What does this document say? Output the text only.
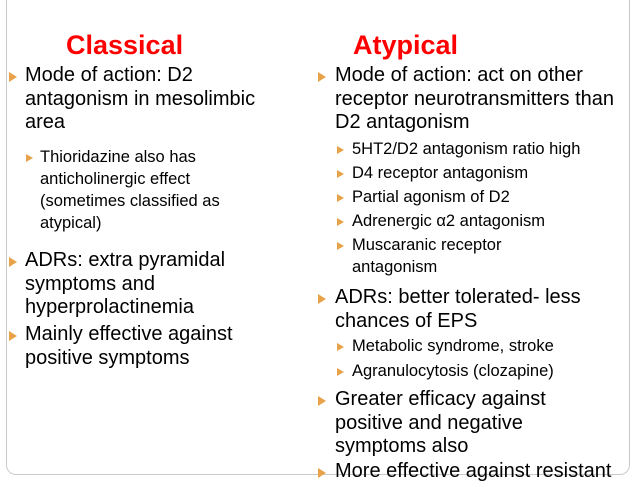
Classical	Atypical
Mode of action: D2
antagonism in mesolimbic
area
Thioridazine also has
anticholinergic effect
(sometimes classified as
atypical)
ADRs: extra pyramidal
symptoms and
hyperprolactinemia
Mainly effective against
positive symptoms
Mode of action: act on other
receptor neurotransmitters than
D2 antagonism
5HT2/D2 antagonism ratio high
D4 receptor antagonism
Partial agonism of D2
Adrenergic α2 antagonism
Muscaranic receptor
antagonism
ADRs: better tolerated- less
chances of EPS
Metabolic syndrome, stroke
Agranulocytosis (clozapine)
Greater efficacy against
positive and negative
symptoms also
More effective against resistant
